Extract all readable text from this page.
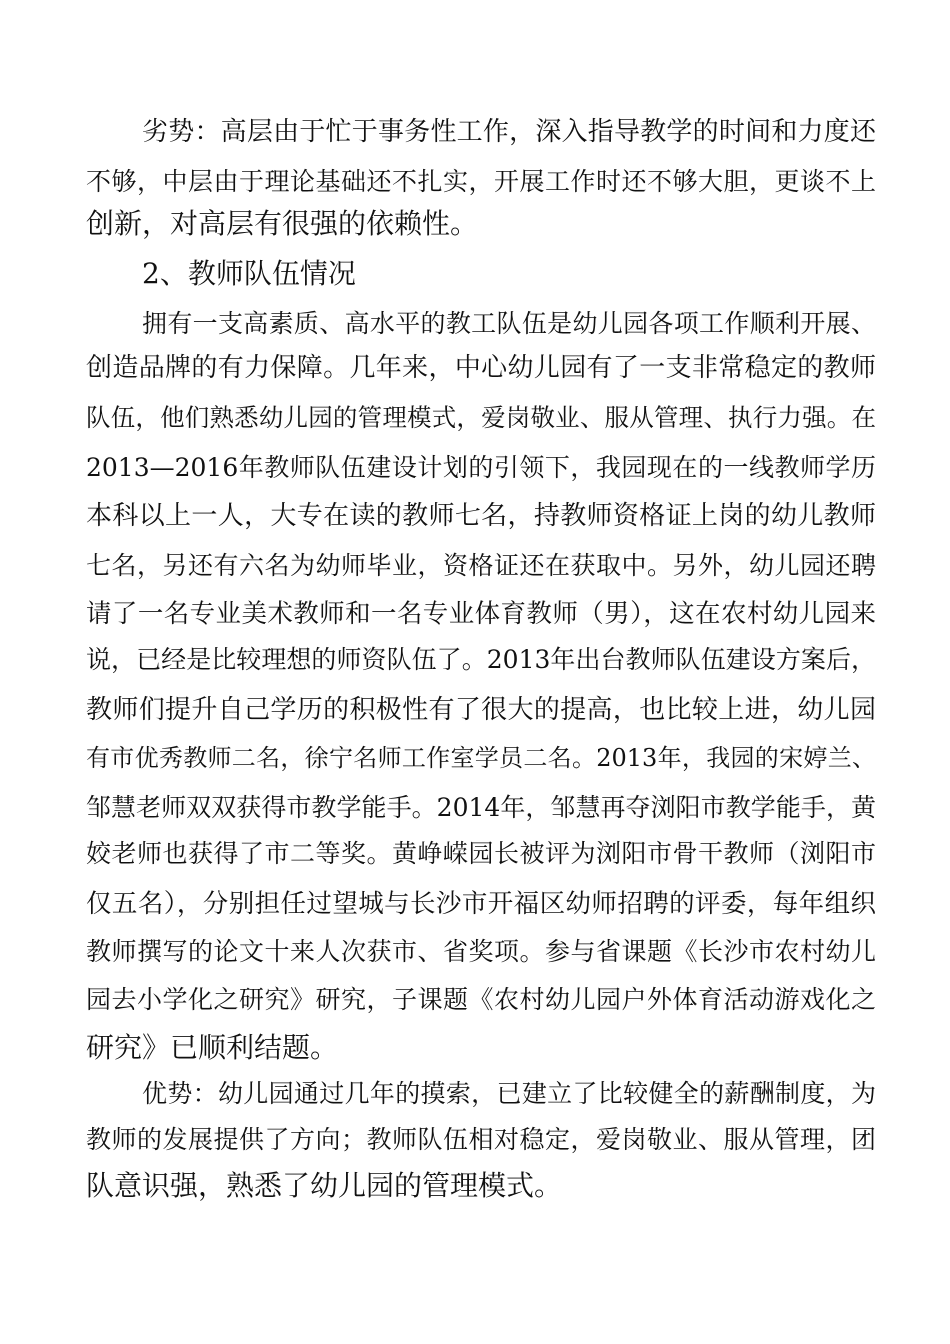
劣势：高层由于忙于事务性工作，深入指导教学的时间和力度还
不够，中层由于理论基础还不扎实，开展工作时还不够大胆，更谈不上
创新，对高层有很强的依赖性。
2、教师队伍情况
拥有一支高素质、高水平的教工队伍是幼儿园各项工作顺利开展、
创造品牌的有力保障。几年来，中心幼儿园有了一支非常稳定的教师
队伍，他们熟悉幼儿园的管理模式，爱岗敬业、服从管理、执行力强。在
2013—2016年教师队伍建设计划的引领下，我园现在的一线教师学历
本科以上一人，大专在读的教师七名，持教师资格证上岗的幼儿教师
七名，另还有六名为幼师毕业，资格证还在获取中。另外，幼儿园还聘
请了一名专业美术教师和一名专业体育教师（男），这在农村幼儿园来
说，已经是比较理想的师资队伍了。2013年出台教师队伍建设方案后，
教师们提升自己学历的积极性有了很大的提高，也比较上进，幼儿园
有市优秀教师二名，徐宁名师工作室学员二名。2013年，我园的宋婷兰、
邹慧老师双双获得市教学能手。2014年，邹慧再夺浏阳市教学能手，黄
姣老师也获得了市二等奖。黄峥嵘园长被评为浏阳市骨干教师（浏阳市
仅五名），分别担任过望城与长沙市开福区幼师招聘的评委，每年组织
教师撰写的论文十来人次获市、省奖项。参与省课题《长沙市农村幼儿
园去小学化之研究》研究，子课题《农村幼儿园户外体育活动游戏化之
研究》已顺利结题。
优势：幼儿园通过几年的摸索，已建立了比较健全的薪酬制度，为
教师的发展提供了方向；教师队伍相对稳定，爱岗敬业、服从管理，团
队意识强，熟悉了幼儿园的管理模式。
